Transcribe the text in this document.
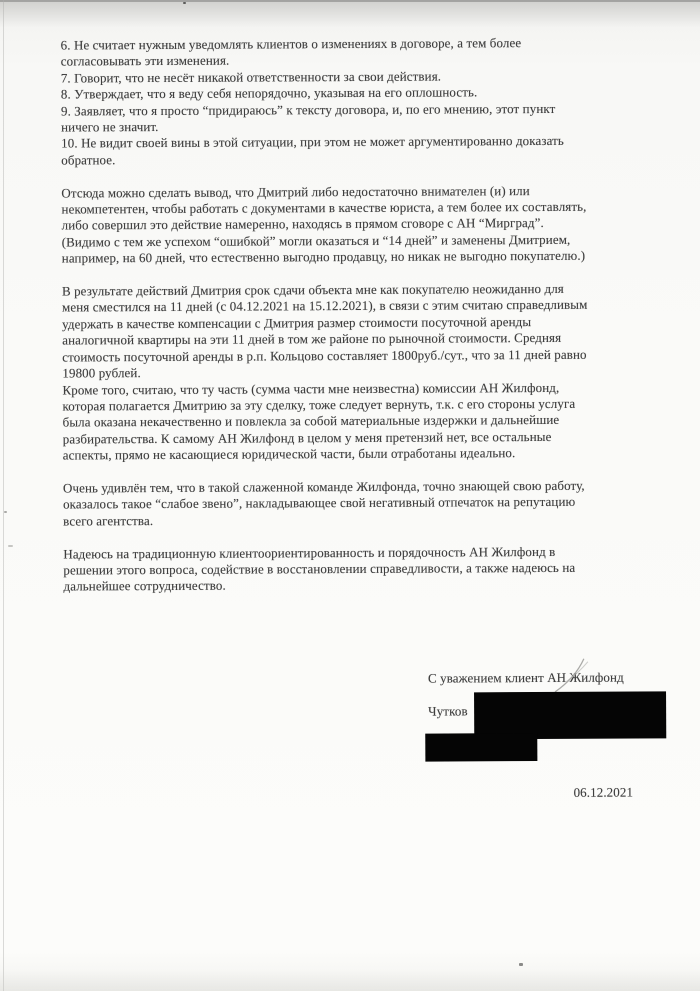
6. Не считает нужным уведомлять клиентов о изменениях в договоре, а тем более
согласовывать эти изменения.
7. Говорит, что не несёт никакой ответственности за свои действия.
8. Утверждает, что я веду себя непорядочно, указывая на его оплошность.
9. Заявляет, что я просто “придираюсь” к тексту договора, и, по его мнению, этот пункт
ничего не значит.
10. Не видит своей вины в этой ситуации, при этом не может аргументированно доказать
обратное.

Отсюда можно сделать вывод, что Дмитрий либо недостаточно внимателен (и) или
некомпетентен, чтобы работать с документами в качестве юриста, а тем более их составлять,
либо совершил это действие намеренно, находясь в прямом сговоре с АН “Мирград”.
(Видимо с тем же успехом “ошибкой” могли оказаться и “14 дней” и заменены Дмитрием,
например, на 60 дней, что естественно выгодно продавцу, но никак не выгодно покупателю.)

В результате действий Дмитрия срок сдачи объекта мне как покупателю неожиданно для
меня сместился на 11 дней (с 04.12.2021 на 15.12.2021), в связи с этим считаю справедливым
удержать в качестве компенсации с Дмитрия размер стоимости посуточной аренды
аналогичной квартиры на эти 11 дней в том же районе по рыночной стоимости. Средняя
стоимость посуточной аренды в р.п. Кольцово составляет 1800руб./сут., что за 11 дней равно
19800 рублей.
Кроме того, считаю, что ту часть (сумма части мне неизвестна) комиссии АН Жилфонд,
которая полагается Дмитрию за эту сделку, тоже следует вернуть, т.к. с его стороны услуга
была оказана некачественно и повлекла за собой материальные издержки и дальнейшие
разбирательства. К самому АН Жилфонд в целом у меня претензий нет, все остальные
аспекты, прямо не касающиеся юридической части, были отработаны идеально.

Очень удивлён тем, что в такой слаженной команде Жилфонда, точно знающей свою работу,
оказалось такое “слабое звено”, накладывающее свой негативный отпечаток на репутацию
всего агентства.

Надеюсь на традиционную клиентоориентированность и порядочность АН Жилфонд в
решении этого вопроса, содействие в восстановлении справедливости, а также надеюсь на
дальнейшее сотрудничество.

С уважением клиент АН Жилфонд
Чутков
06.12.2021
